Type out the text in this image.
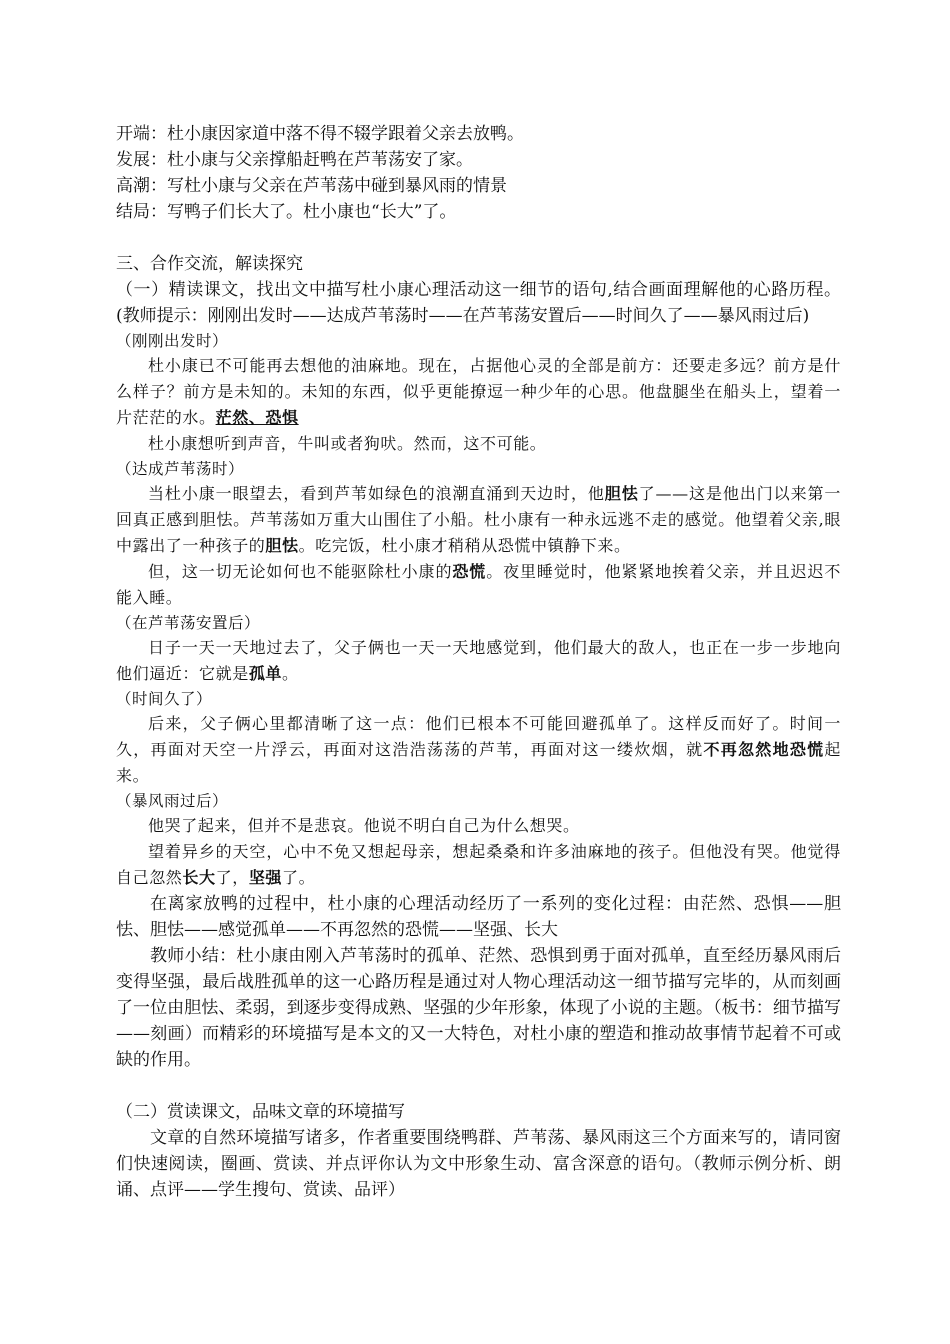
开端：杜小康因家道中落不得不辍学跟着父亲去放鸭。
发展：杜小康与父亲撑船赶鸭在芦苇荡安了家。
高潮：写杜小康与父亲在芦苇荡中碰到暴风雨的情景
结局：写鸭子们长大了。杜小康也“长大”了。
三、合作交流，解读探究
（一）精读课文，找出文中描写杜小康心理活动这一细节的语句,结合画面理解他的心路历程。(教师提示：刚刚出发时——达成芦苇荡时——在芦苇荡安置后——时间久了——暴风雨过后)
（刚刚出发时）
杜小康已不可能再去想他的油麻地。现在，占据他心灵的全部是前方：还要走多远？前方是什么样子？前方是未知的。未知的东西，似乎更能撩逗一种少年的心思。他盘腿坐在船头上，望着一片茫茫的水。茫然、恐惧
杜小康想听到声音，牛叫或者狗吠。然而，这不可能。
（达成芦苇荡时）
当杜小康一眼望去，看到芦苇如绿色的浪潮直涌到天边时，他胆怯了——这是他出门以来第一回真正感到胆怯。芦苇荡如万重大山围住了小船。杜小康有一种永远逃不走的感觉。他望着父亲,眼中露出了一种孩子的胆怯。吃完饭，杜小康才稍稍从恐慌中镇静下来。
但，这一切无论如何也不能驱除杜小康的恐慌。夜里睡觉时，他紧紧地挨着父亲，并且迟迟不能入睡。
（在芦苇荡安置后）
日子一天一天地过去了，父子俩也一天一天地感觉到，他们最大的敌人，也正在一步一步地向他们逼近：它就是孤单。
（时间久了）
后来，父子俩心里都清晰了这一点：他们已根本不可能回避孤单了。这样反而好了。时间一久，再面对天空一片浮云，再面对这浩浩荡荡的芦苇，再面对这一缕炊烟，就不再忽然地恐慌起来。
（暴风雨过后）
他哭了起来，但并不是悲哀。他说不明白自己为什么想哭。
望着异乡的天空，心中不免又想起母亲，想起桑桑和许多油麻地的孩子。但他没有哭。他觉得自己忽然长大了，坚强了。
在离家放鸭的过程中，杜小康的心理活动经历了一系列的变化过程：由茫然、恐惧——胆怯、胆怯——感觉孤单——不再忽然的恐慌——坚强、长大
教师小结：杜小康由刚入芦苇荡时的孤单、茫然、恐惧到勇于面对孤单，直至经历暴风雨后变得坚强，最后战胜孤单的这一心路历程是通过对人物心理活动这一细节描写完毕的，从而刻画了一位由胆怯、柔弱，到逐步变得成熟、坚强的少年形象，体现了小说的主题。（板书：细节描写——刻画）而精彩的环境描写是本文的又一大特色，对杜小康的塑造和推动故事情节起着不可或缺的作用。
（二）赏读课文，品味文章的环境描写
文章的自然环境描写诸多，作者重要围绕鸭群、芦苇荡、暴风雨这三个方面来写的，请同窗们快速阅读，圈画、赏读、并点评你认为文中形象生动、富含深意的语句。（教师示例分析、朗诵、点评——学生搜句、赏读、品评）
